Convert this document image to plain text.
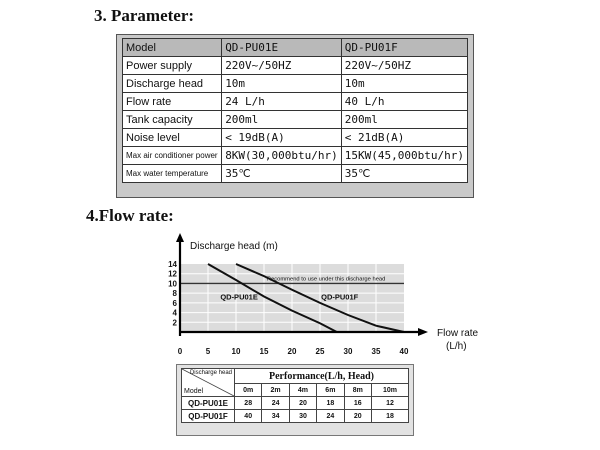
3. Parameter:
Model	QD-PU01E	QD-PU01F
Power supply	220V~/50HZ	220V~/50HZ
Discharge head	10m	10m
Flow rate	24 L/h	40 L/h
Tank capacity	200ml	200ml
Noise level	< 19dB(A)	< 21dB(A)
Max air conditioner power	8KW(30,000btu/hr)	15KW(45,000btu/hr)
Max water temperature	35℃	35℃
4.Flow rate:
Recommend to use under this discharge head
QD-PU01E	QD-PU01F
2
4
6
8
10
12
14
0	5	10 15 20 25 30 35 40
Discharge head (m)
Flow rate
(L/h)
Discharge head
Model	Performance(L/h, Head)					
	0m	2m	4m	6m	8m	10m
QD-PU01E	28	24	20	18	16	12
QD-PU01F	40	34	30	24	20	18
